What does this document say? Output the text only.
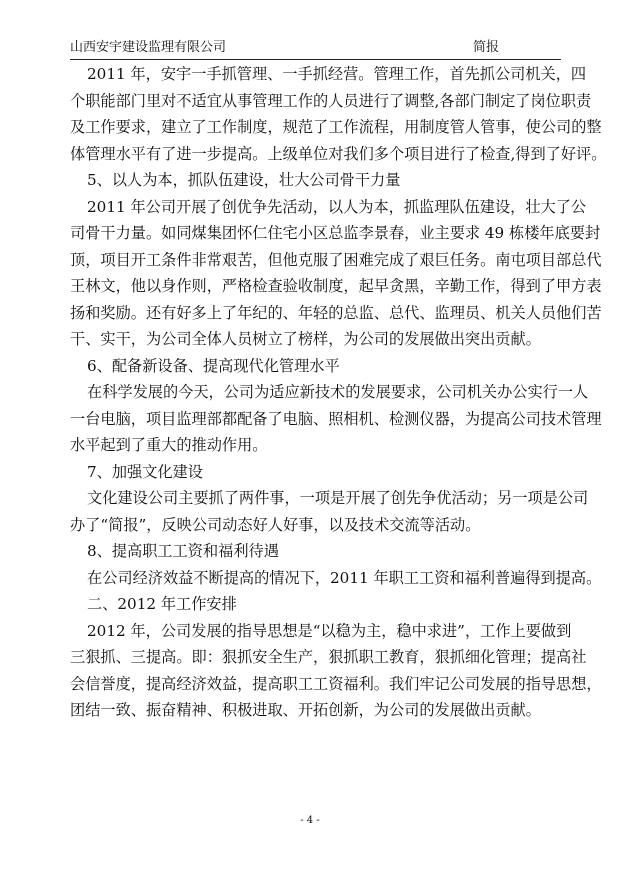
山西安宇建设监理有限公司	简报
2011 年，安宇一手抓管理、一手抓经营。管理工作，首先抓公司机关，四
个职能部门里对不适宜从事管理工作的人员进行了调整,各部门制定了岗位职责
及工作要求，建立了工作制度，规范了工作流程，用制度管人管事，使公司的整
体管理水平有了进一步提高。上级单位对我们多个项目进行了检查,得到了好评。
5、以人为本，抓队伍建设，壮大公司骨干力量
2011 年公司开展了创优争先活动，以人为本，抓监理队伍建设，壮大了公
司骨干力量。如同煤集团怀仁住宅小区总监李景春，业主要求 49 栋楼年底要封
顶，项目开工条件非常艰苦，但他克服了困难完成了艰巨任务。南屯项目部总代
王林文，他以身作则，严格检查验收制度，起早贪黑，辛勤工作，得到了甲方表
扬和奖励。还有好多上了年纪的、年轻的总监、总代、监理员、机关人员他们苦
干、实干，为公司全体人员树立了榜样，为公司的发展做出突出贡献。
6、配备新设备、提高现代化管理水平
在科学发展的今天，公司为适应新技术的发展要求，公司机关办公实行一人
一台电脑，项目监理部都配备了电脑、照相机、检测仪器，为提高公司技术管理
水平起到了重大的推动作用。
7、加强文化建设
文化建设公司主要抓了两件事，一项是开展了创先争优活动；另一项是公司
办了“简报”，反映公司动态好人好事，以及技术交流等活动。
8、提高职工工资和福利待遇
在公司经济效益不断提高的情况下，2011 年职工工资和福利普遍得到提高。
二、2012 年工作安排
2012 年，公司发展的指导思想是“以稳为主，稳中求进”，工作上要做到
三狠抓、三提高。即：狠抓安全生产，狠抓职工教育，狠抓细化管理；提高社
会信誉度，提高经济效益，提高职工工资福利。我们牢记公司发展的指导思想，
团结一致、振奋精神、积极进取、开拓创新，为公司的发展做出贡献。
- 4 -
